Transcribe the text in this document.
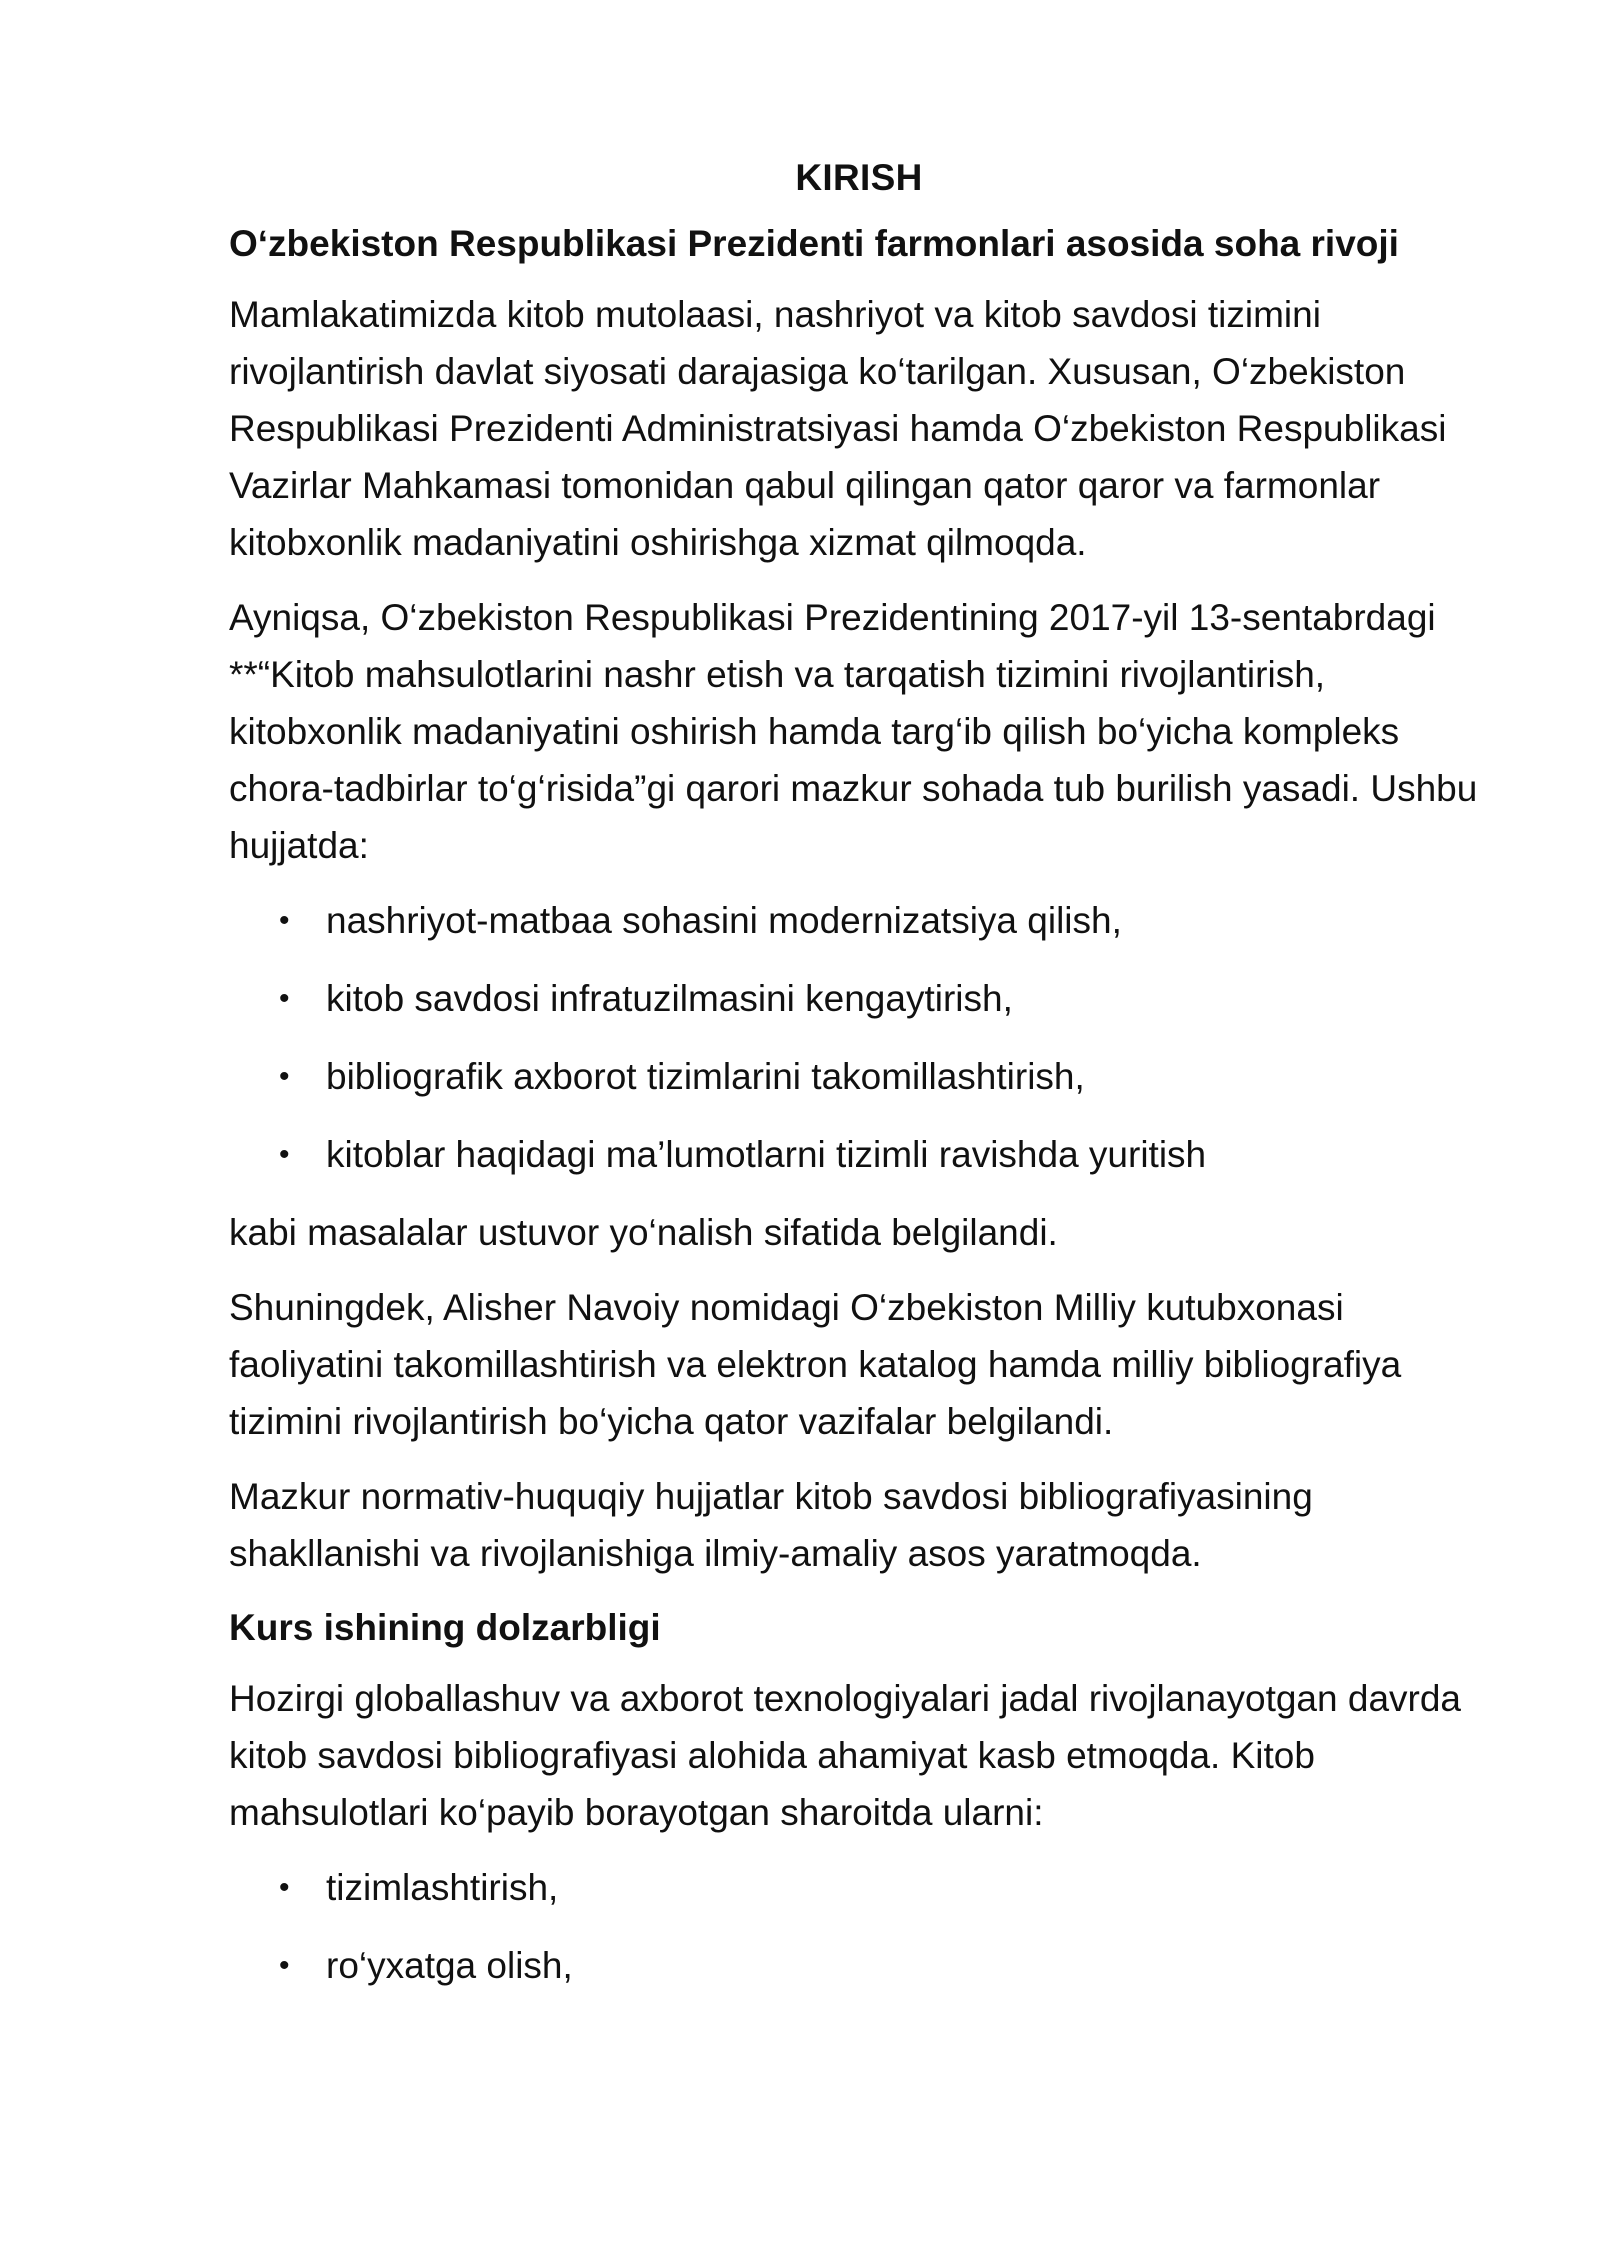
KIRISH
O‘zbekiston Respublikasi Prezidenti farmonlari asosida soha rivoji

Mamlakatimizda kitob mutolaasi, nashriyot va kitob savdosi tizimini rivojlantirish davlat siyosati darajasiga ko‘tarilgan. Xususan, O‘zbekiston Respublikasi Prezidenti Administratsiyasi hamda O‘zbekiston Respublikasi Vazirlar Mahkamasi tomonidan qabul qilingan qator qaror va farmonlar kitobxonlik madaniyatini oshirishga xizmat qilmoqda.

Ayniqsa, O‘zbekiston Respublikasi Prezidentining 2017-yil 13-sentabrdagi **“Kitob mahsulotlarini nashr etish va tarqatish tizimini rivojlantirish, kitobxonlik madaniyatini oshirish hamda targ‘ib qilish bo‘yicha kompleks chora-tadbirlar to‘g‘risida”gi qarori mazkur sohada tub burilish yasadi. Ushbu hujjatda:

• nashriyot-matbaa sohasini modernizatsiya qilish,
• kitob savdosi infratuzilmasini kengaytirish,
• bibliografik axborot tizimlarini takomillashtirish,
• kitoblar haqidagi ma’lumotlarni tizimli ravishda yuritish

kabi masalalar ustuvor yo‘nalish sifatida belgilandi.

Shuningdek, Alisher Navoiy nomidagi O‘zbekiston Milliy kutubxonasi faoliyatini takomillashtirish va elektron katalog hamda milliy bibliografiya tizimini rivojlantirish bo‘yicha qator vazifalar belgilandi.

Mazkur normativ-huquqiy hujjatlar kitob savdosi bibliografiyasining shakllanishi va rivojlanishiga ilmiy-amaliy asos yaratmoqda.

Kurs ishining dolzarbligi

Hozirgi globallashuv va axborot texnologiyalari jadal rivojlanayotgan davrda kitob savdosi bibliografiyasi alohida ahamiyat kasb etmoqda. Kitob mahsulotlari ko‘payib borayotgan sharoitda ularni:

• tizimlashtirish,
• ro‘yxatga olish,
